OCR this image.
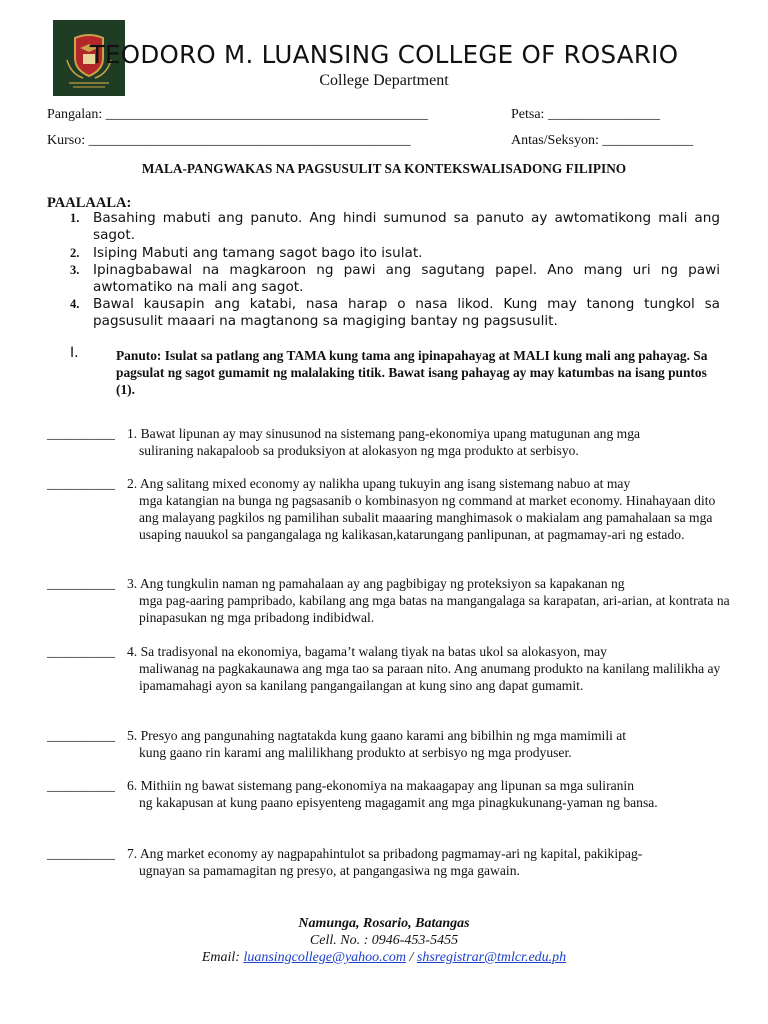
TEODORO M. LUANSING COLLEGE OF ROSARIO
College Department
Pangalan: ______________________________________________	Petsa: ________________
Kurso: ______________________________________________	Antas/Seksyon: _____________
MALA-PANGWAKAS NA PAGSUSULIT SA KONTEKSWALISADONG FILIPINO
PAALAALA:
1. Basahing mabuti ang panuto. Ang hindi sumunod sa panuto ay awtomatikong mali ang sagot.
2. Isiping Mabuti ang tamang sagot bago ito isulat.
3. Ipinagbabawal na magkaroon ng pawi ang sagutang papel. Ano mang uri ng pawi awtomatiko na mali ang sagot.
4. Bawal kausapin ang katabi, nasa harap o nasa likod. Kung may tanong tungkol sa pagsusulit maaari na magtanong sa magiging bantay ng pagsusulit.
I.	Panuto: Isulat sa patlang ang TAMA kung tama ang ipinapahayag at MALI kung mali ang pahayag. Sa pagsulat ng sagot gumamit ng malalaking titik. Bawat isang pahayag ay may katumbas na isang puntos (1).
__________ 1. Bawat lipunan ay may sinusunod na sistemang pang-ekonomiya upang matugunan ang mga
suliraning nakapaloob sa produksiyon at alokasyon ng mga produkto at serbisyo.
__________ 2. Ang salitang mixed economy ay nalikha upang tukuyin ang isang sistemang nabuo at may
mga katangian na bunga ng pagsasanib o kombinasyon ng command at market economy. Hinahayaan dito ang malayang pagkilos ng pamilihan subalit maaaring manghimasok o makialam ang pamahalaan sa mga usaping nauukol sa pangangalaga ng kalikasan,katarungang panlipunan, at pagmamay-ari ng estado.
__________ 3. Ang tungkulin naman ng pamahalaan ay ang pagbibigay ng proteksiyon sa kapakanan ng
mga pag-aaring pampribado, kabilang ang mga batas na mangangalaga sa karapatan, ari-arian, at kontrata na pinapasukan ng mga pribadong indibidwal.
__________ 4. Sa tradisyonal na ekonomiya, bagama’t walang tiyak na batas ukol sa alokasyon, may
maliwanag na pagkakaunawa ang mga tao sa paraan nito. Ang anumang produkto na kanilang malilikha ay ipamamahagi ayon sa kanilang pangangailangan at kung sino ang dapat gumamit.
__________ 5. Presyo ang pangunahing nagtatakda kung gaano karami ang bibilhin ng mga mamimili at
kung gaano rin karami ang malilikhang produkto at serbisyo ng mga prodyuser.
__________ 6. Mithiin ng bawat sistemang pang-ekonomiya na makaagapay ang lipunan sa mga suliranin
ng kakapusan at kung paano episyenteng magagamit ang mga pinagkukunang-yaman ng bansa.
__________ 7. Ang market economy ay nagpapahintulot sa pribadong pagmamay-ari ng kapital, pakikipag-
ugnayan sa pamamagitan ng presyo, at pangangasiwa ng mga gawain.
Namunga, Rosario, Batangas
Cell. No. : 0946-453-5455
Email: luansingcollege@yahoo.com / shsregistrar@tmlcr.edu.ph
